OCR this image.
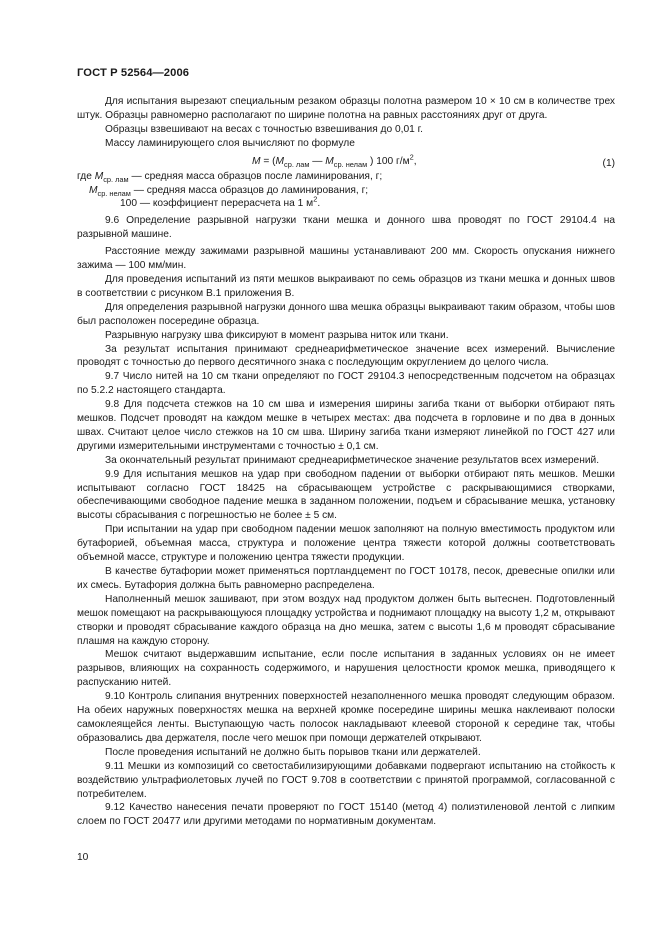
ГОСТ Р 52564—2006

Для испытания вырезают специальным резаком образцы полотна размером 10 × 10 см в количестве трех штук. Образцы равномерно располагают по ширине полотна на равных расстояниях друг от друга.

Образцы взвешивают на весах с точностью взвешивания до 0,01 г.

Массу ламинирующего слоя вычисляют по формуле

$M = (M_{ср. лам}$ — $M_{ср. нелам}$ ) 100 $г/м^2$,	(1)

где $M_{ср. лам}$ — средняя масса образцов после ламинирования, г;

$M_{ср. нелам}$ — средняя масса образцов до ламинирования, г;

100 — коэффициент перерасчета на 1 $м^2$.

9.6 Определение разрывной нагрузки ткани мешка и донного шва проводят по ГОСТ 29104.4 на разрывной машине.

Расстояние между зажимами разрывной машины устанавливают 200 мм. Скорость опускания нижнего зажима — 100 мм/мин.

Для проведения испытаний из пяти мешков выкраивают по семь образцов из ткани мешка и донных швов в соответствии с рисунком В.1 приложения В.

Для определения разрывной нагрузки донного шва мешка образцы выкраивают таким образом, чтобы шов был расположен посередине образца.

Разрывную нагрузку шва фиксируют в момент разрыва ниток или ткани.

За результат испытания принимают среднеарифметическое значение всех измерений. Вычисление проводят с точностью до первого десятичного знака с последующим округлением до целого числа.

9.7 Число нитей на 10 см ткани определяют по ГОСТ 29104.3 непосредственным подсчетом на образцах по 5.2.2 настоящего стандарта.

9.8 Для подсчета стежков на 10 см шва и измерения ширины загиба ткани от выборки отбирают пять мешков. Подсчет проводят на каждом мешке в четырех местах: два подсчета в горловине и по два в донных швах. Считают целое число стежков на 10 см шва. Ширину загиба ткани измеряют линейкой по ГОСТ 427 или другими измерительными инструментами с точностью ± 0,1 см.

За окончательный результат принимают среднеарифметическое значение результатов всех измерений.

9.9 Для испытания мешков на удар при свободном падении от выборки отбирают пять мешков. Мешки испытывают согласно ГОСТ 18425 на сбрасывающем устройстве с раскрывающимися створками, обеспечивающими свободное падение мешка в заданном положении, подъем и сбрасывание мешка, установку высоты сбрасывания с погрешностью не более ± 5 см.

При испытании на удар при свободном падении мешок заполняют на полную вместимость продуктом или бутафорией, объемная масса, структура и положение центра тяжести которой должны соответствовать объемной массе, структуре и положению центра тяжести продукции.

В качестве бутафории может применяться портландцемент по ГОСТ 10178, песок, древесные опилки или их смесь. Бутафория должна быть равномерно распределена.

Наполненный мешок зашивают, при этом воздух над продуктом должен быть вытеснен. Подготовленный мешок помещают на раскрывающуюся площадку устройства и поднимают площадку на высоту 1,2 м, открывают створки и проводят сбрасывание каждого образца на дно мешка, затем с высоты 1,6 м проводят сбрасывание плашмя на каждую сторону.

Мешок считают выдержавшим испытание, если после испытания в заданных условиях он не имеет разрывов, влияющих на сохранность содержимого, и нарушения целостности кромок мешка, приводящего к распусканию нитей.

9.10 Контроль слипания внутренних поверхностей незаполненного мешка проводят следующим образом. На обеих наружных поверхностях мешка на верхней кромке посередине ширины мешка наклеивают полоски самоклеящейся ленты. Выступающую часть полосок накладывают клеевой стороной к середине так, чтобы образовались два держателя, после чего мешок при помощи держателей открывают.

После проведения испытаний не должно быть порывов ткани или держателей.

9.11 Мешки из композиций со светостабилизирующими добавками подвергают испытанию на стойкость к воздействию ультрафиолетовых лучей по ГОСТ 9.708 в соответствии с принятой программой, согласованной с потребителем.

9.12 Качество нанесения печати проверяют по ГОСТ 15140 (метод 4) полиэтиленовой лентой с липким слоем по ГОСТ 20477 или другими методами по нормативным документам.

10
